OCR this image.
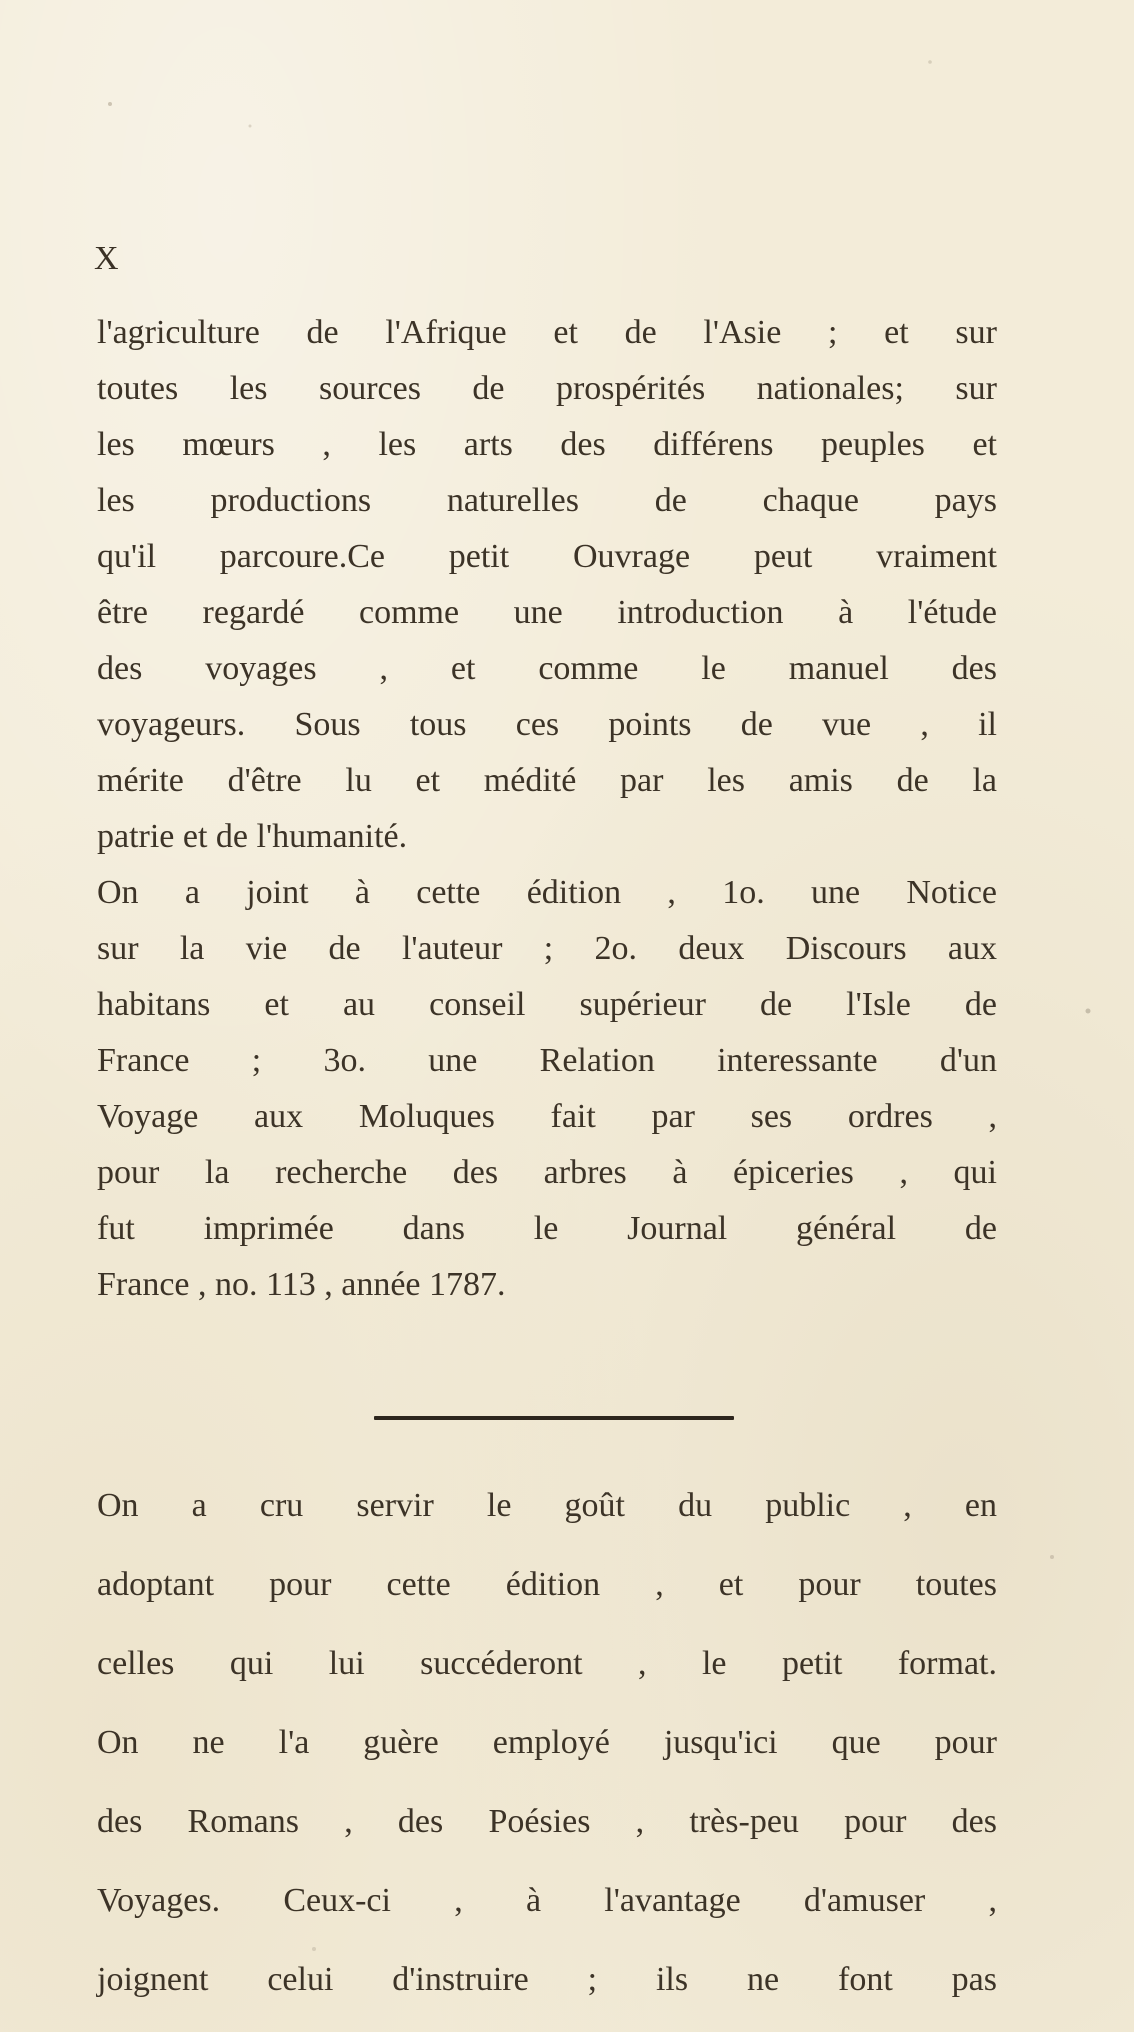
X
l'agriculture de l'Afrique et de l'Asie ; et sur
toutes les sources de prospérités nationales; sur
les mœurs , les arts des différens peuples et
les productions naturelles de chaque pays
qu'il parcoure.Ce petit Ouvrage peut vraiment
être regardé comme une introduction à l'étude
des voyages , et comme le manuel des
voyageurs. Sous tous ces points de vue , il
mérite d'être lu et médité par les amis de la
patrie et de l'humanité.
On a joint à cette édition , 1o. une Notice
sur la vie de l'auteur ; 2o. deux Discours aux
habitans et au conseil supérieur de l'Isle de
France ; 3o. une Relation interessante d'un
Voyage aux Moluques fait par ses ordres ,
pour la recherche des arbres à épiceries , qui
fut imprimée dans le Journal général de
France , no. 113 , année 1787.
On a cru servir le goût du public , en
adoptant pour cette édition , et pour toutes
celles qui lui succéderont , le petit format.
On ne l'a guère employé jusqu'ici que pour
des Romans , des Poésies , très-peu pour des
Voyages. Ceux-ci , à l'avantage d'amuser ,
joignent celui d'instruire ; ils ne font pas
